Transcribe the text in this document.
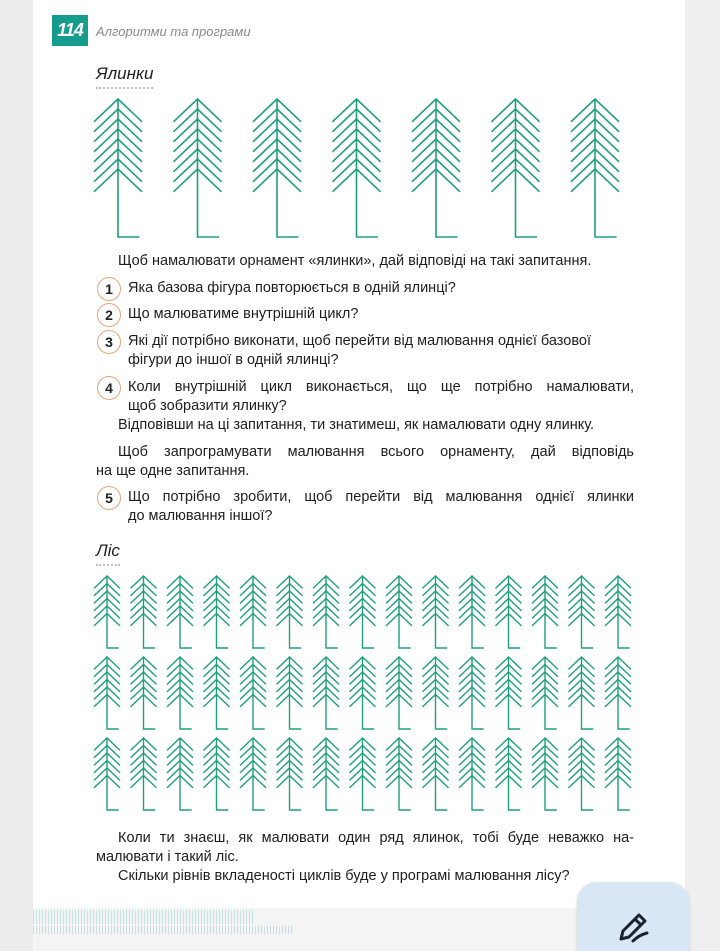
114	Алгоритми та програми
Ялинки
Щоб намалювати орнамент «ялинки», дай відповіді на такі запитання.
1	Яка базова фігура повторюється в одній ялинці?
2	Що малюватиме внутрішній цикл?
3	Які дії потрібно виконати, щоб перейти від малювання однієї базової
фігури до іншої в одній ялинці?
4	Коли внутрішній цикл виконається, що ще потрібно намалювати,
щоб зобразити ялинку?
Відповівши на ці запитання, ти знатимеш, як намалювати одну ялинку.
Щоб запрограмувати малювання всього орнаменту, дай відповідь
на ще одне запитання.
5	Що потрібно зробити, щоб перейти від малювання однієї ялинки
до малювання іншої?
Ліс
Коли ти знаєш, як малювати один ряд ялинок, тобі буде неважко на-
малювати і такий ліс.
Скільки рівнів вкладеності циклів буде у програмі малювання лісу?
